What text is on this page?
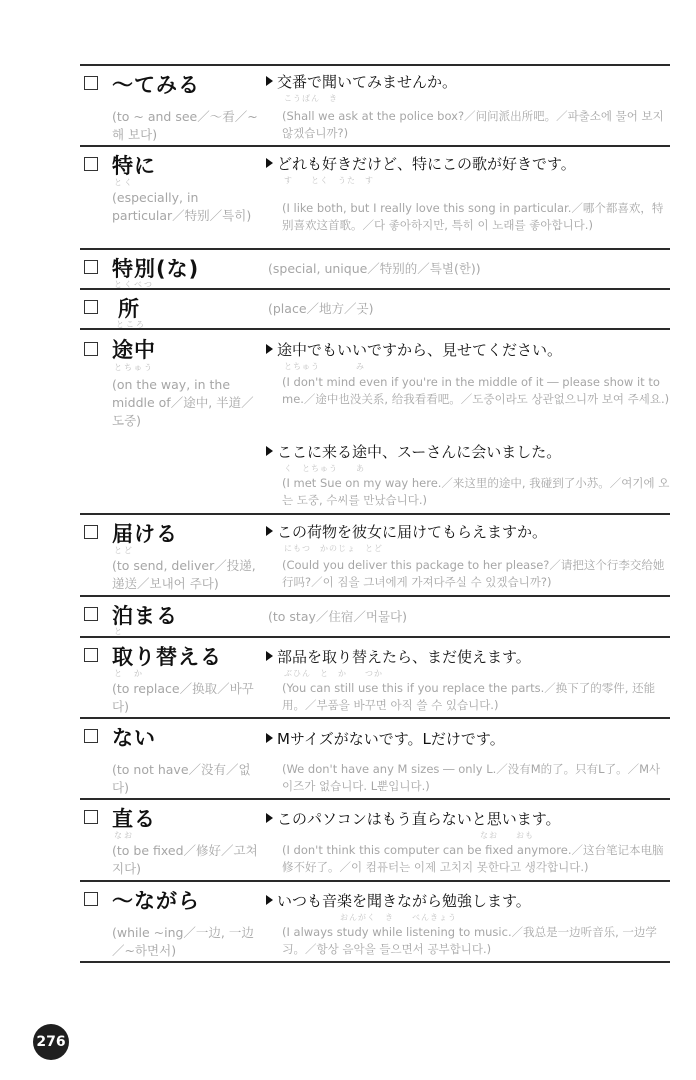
～てみる
(to ~ and see／～看／~해 보다)
交番で聞いてみませんか。
こうばん　き
(Shall we ask at the police box?／问问派出所吧。／파출소에 물어 보지 않겠습니까?)
特に
とく
(especially, in particular／特别／특히)
どれも好きだけど、特にこの歌が好きです。
す　　とく　うた　す
(I like both, but I really love this song in particular.／哪个都喜欢，特别喜欢这首歌。／다 좋아하지만, 특히 이 노래를 좋아합니다.)
特別(な)
とくべつ
(special, unique／特别的／특별(한))
所
ところ
(place／地方／곳)
途中
とちゅう
(on the way, in the middle of／途中, 半道／도중)
途中でもいいですから、見せてください。
とちゅう　　　　み
(I don't mind even if you're in the middle of it ― please show it to me.／途中也没关系, 给我看看吧。／도중이라도 상관없으니까 보여 주세요.)
ここに来る途中、スーさんに会いました。
く　とちゅう　　あ
(I met Sue on my way here.／来这里的途中, 我碰到了小苏。／여기에 오는 도중, 수씨를 만났습니다.)
届ける
とど
(to send, deliver／投递, 递送／보내어 주다)
この荷物を彼女に届けてもらえますか。
にもつ　かのじょ　とど
(Could you deliver this package to her please?／请把这个行李交给她行吗?／이 짐을 그녀에게 가져다주실 수 있겠습니까?)
泊まる
と
(to stay／住宿／머물다)
取り替える
と　か
(to replace／换取／바꾸다)
部品を取り替えたら、まだ使えます。
ぶひん　と　か　　つか
(You can still use this if you replace the parts.／换下了的零件, 还能用。／부품을 바꾸면 아직 쓸 수 있습니다.)
ない
(to not have／没有／없다)
Mサイズがないです。Lだけです。
(We don't have any M sizes ― only L.／没有M的了。只有L了。／M사이즈가 없습니다. L뿐입니다.)
直る
なお
(to be fixed／修好／고쳐지다)
このパソコンはもう直らないと思います。
なお　　おも
(I don't think this computer can be fixed anymore.／这台笔记本电脑修不好了。／이 컴퓨터는 이제 고치지 못한다고 생각합니다.)
～ながら
(while ~ing／一边, 一边／~하면서)
いつも音楽を聞きながら勉強します。
おんがく　き　　べんきょう
(I always study while listening to music.／我总是一边听音乐, 一边学习。／항상 음악을 들으면서 공부합니다.)
276
